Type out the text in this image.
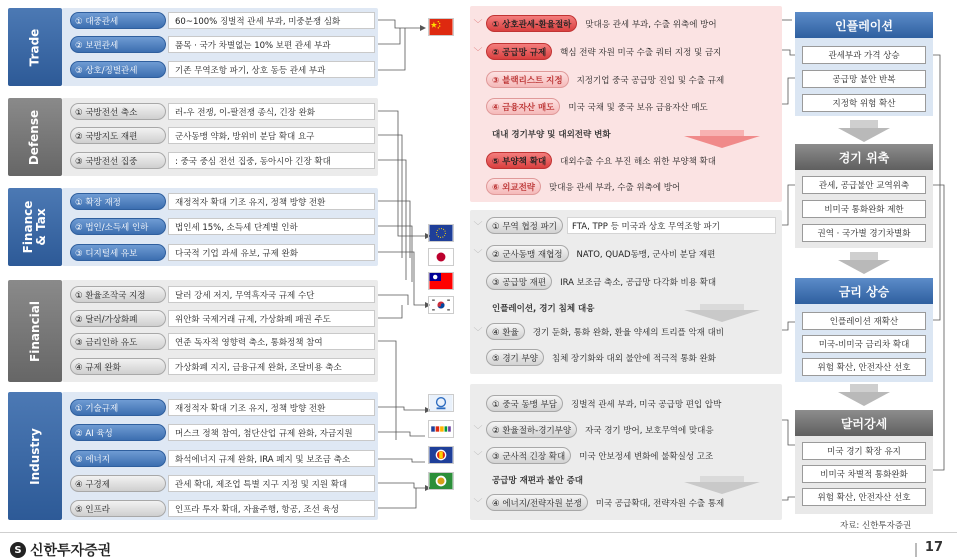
Trade
Defense
Finance & Tax
Financial
Industry
① 대중관세	60~100% 징벌적 관세 부과, 미중분쟁 심화
② 보편관세	품목 · 국가 차별없는 10% 보편 관세 부과
③ 상호/징벌관세	기존 무역조항 파기, 상호 동등 관세 부과
① 국방전선 축소	러-우 전쟁, 이-팔전쟁 종식, 긴장 완화
② 국방지도 재편	군사동맹 약화, 방위비 분담 확대 요구
③ 국방전선 집중	: 중국 중심 전선 집중, 동아시아 긴장 확대
① 확장 재정	재정적자 확대 기조 유지, 정책 방향 전환
② 법인/소득세 인하	법인세 15%, 소득세 단계별 인하
③ 디지털세 유보	다국적 기업 과세 유보, 규제 완화
① 환율조작국 지정	달러 강세 저지, 무역흑자국 규제 수단
② 달러/가상화폐	위안화 국제거래 규제, 가상화폐 패권 주도
③ 금리인하 유도	연준 독자적 영향력 축소, 통화정책 참여
④ 규제 완화	가상화폐 지지, 금융규제 완화, 조달비용 축소
① 기술규제	재정적자 확대 기조 유지, 정책 방향 전환
② AI 육성	머스크 정책 참여, 첨단산업 규제 완화, 자금지원
③ 에너지	화석에너지 규제 완화, IRA 폐지 및 보조금 축소
④ 구경제	관세 확대, 제조업 특별 지구 지정 및 지원 확대
⑤ 인프라	인프라 투자 확대, 자율주행, 항공, 조선 육성
﹀	① 상호관세-환율절하	맞대응 관세 부과, 수출 위축에 방어
﹀	② 공급망 규제	핵심 전략 자원 미국 수출 쿼터 지정 및 금지
③ 블랙리스트 지정	지정기업 중국 공급망 진입 및 수출 규제
④ 금융자산 매도	미국 국채 및 중국 보유 금융자산 매도
대내 경기부양 및 대외전략 변화
⑤ 부양책 확대	대외수출 수요 부진 해소 위한 부양책 확대
⑥ 외교전략	맞대응 관세 부과, 수출 위축에 방어
﹀	① 무역 협정 파기	FTA, TPP 등 미국과 상호 무역조항 파기
﹀	② 군사동맹 재협정	NATO, QUAD동맹, 군사비 분담 재편
③ 공급망 재편	IRA 보조금 축소, 공급망 다각화 비용 확대
인플레이션, 경기 침체 대응
﹀	④ 환율	경기 둔화, 통화 완화, 환율 약세의 트리플 악재 대비
⑤ 경기 부양	침체 장기화와 대외 불안에 적극적 통화 완화
① 중국 동맹 부담	징벌적 관세 부과, 미국 공급망 편입 압박
﹀	② 환율절하-경기부양	자국 경기 방어, 보호무역에 맞대응
﹀	③ 군사적 긴장 확대	미국 안보정세 변화에 불확실성 고조
공급망 재편과 불안 증대
﹀	④ 에너지/전략자원 분쟁	미국 공급확대, 전략자원 수출 통제
인플레이션
관세부과 가격 상승
공급망 불안 반복
지정학 위험 확산
경기 위축
관세, 공급불안 교역위축
비미국 통화완화 제한
권역 · 국가별 경기차별화
금리 상승
인플레이션 재확산
미국-비미국 금리차 확대
위험 확산, 안전자산 선호
달러강세
미국 경기 확장 유지
비미국 차별적 통화완화
위험 확산, 안전자산 선호
자료: 신한투자증권
S 신한투자증권	17
